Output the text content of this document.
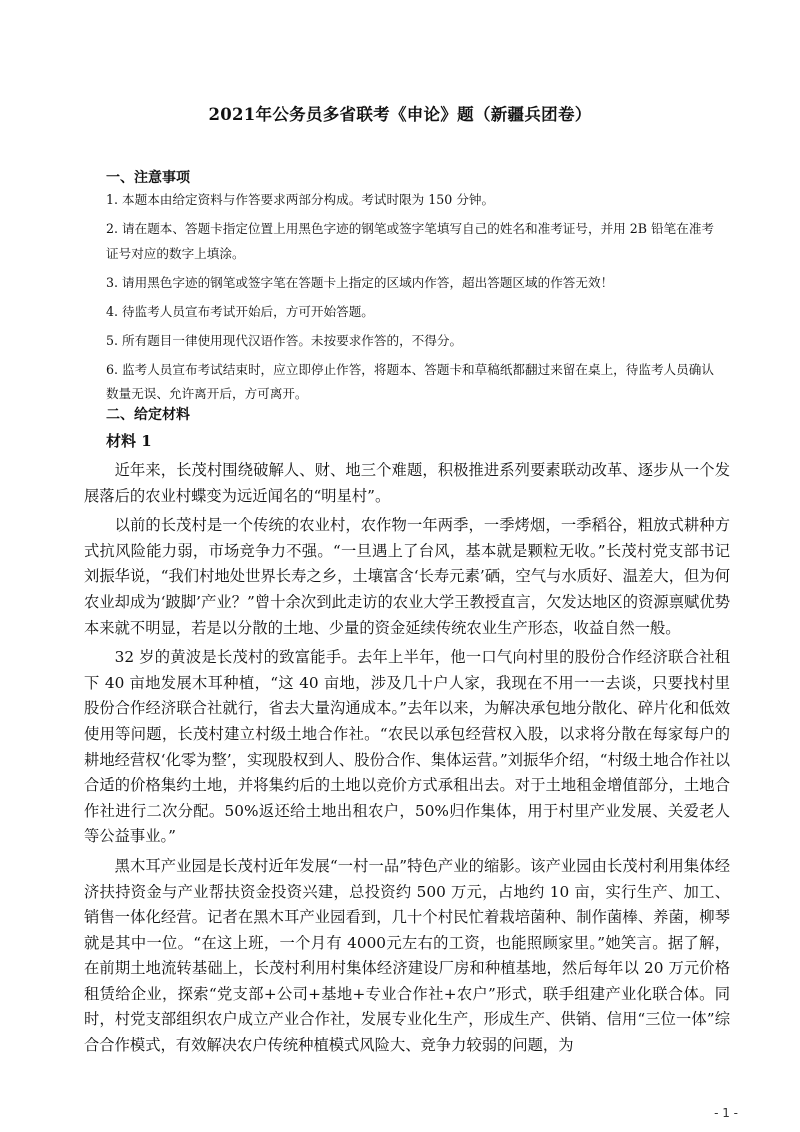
2021年公务员多省联考《申论》题（新疆兵团卷）
一、注意事项

1. 本题本由给定资料与作答要求两部分构成。考试时限为 150 分钟。

2. 请在题本、答题卡指定位置上用黑色字迹的钢笔或签字笔填写自己的姓名和准考证号，并用 2B 铅笔在准考证号对应的数字上填涂。

3. 请用黑色字迹的钢笔或签字笔在答题卡上指定的区域内作答，超出答题区域的作答无效！

4. 待监考人员宣布考试开始后，方可开始答题。

5. 所有题目一律使用现代汉语作答。未按要求作答的，不得分。

6. 监考人员宣布考试结束时，应立即停止作答，将题本、答题卡和草稿纸都翻过来留在桌上，待监考人员确认数量无误、允许离开后，方可离开。

二、给定材料
材料 1

近年来，长茂村围绕破解人、财、地三个难题，积极推进系列要素联动改革、逐步从一个发展落后的农业村蝶变为远近闻名的“明星村”。

以前的长茂村是一个传统的农业村，农作物一年两季，一季烤烟，一季稻谷，粗放式耕种方式抗风险能力弱，市场竞争力不强。“一旦遇上了台风，基本就是颗粒无收。”长茂村党支部书记刘振华说，“我们村地处世界长寿之乡，土壤富含‘长寿元素’硒，空气与水质好、温差大，但为何农业却成为‘跛脚’产业？”曾十余次到此走访的农业大学王教授直言，欠发达地区的资源禀赋优势本来就不明显，若是以分散的土地、少量的资金延续传统农业生产形态，收益自然一般。

32 岁的黄波是长茂村的致富能手。去年上半年，他一口气向村里的股份合作经济联合社租下 40 亩地发展木耳种植，“这 40 亩地，涉及几十户人家，我现在不用一一去谈，只要找村里股份合作经济联合社就行，省去大量沟通成本。”去年以来，为解决承包地分散化、碎片化和低效使用等问题，长茂村建立村级土地合作社。“农民以承包经营权入股，以求将分散在每家每户的耕地经营权‘化零为整’，实现股权到人、股份合作、集体运营。”刘振华介绍，“村级土地合作社以合适的价格集约土地，并将集约后的土地以竞价方式承租出去。对于土地租金增值部分，土地合作社进行二次分配。50%返还给土地出租农户，50%归作集体，用于村里产业发展、关爱老人等公益事业。”

黑木耳产业园是长茂村近年发展“一村一品”特色产业的缩影。该产业园由长茂村利用集体经济扶持资金与产业帮扶资金投资兴建，总投资约 500 万元，占地约 10 亩，实行生产、加工、销售一体化经营。记者在黑木耳产业园看到，几十个村民忙着栽培菌种、制作菌棒、养菌，柳琴就是其中一位。“在这上班，一个月有 4000元左右的工资，也能照顾家里。”她笑言。据了解，在前期土地流转基础上，长茂村利用村集体经济建设厂房和种植基地，然后每年以 20 万元价格租赁给企业，探索“党支部+公司+基地+专业合作社+农户”形式，联手组建产业化联合体。同时，村党支部组织农户成立产业合作社，发展专业化生产，形成生产、供销、信用“三位一体”综合合作模式，有效解决农户传统种植模式风险大、竞争力较弱的问题，为

- 1 -
